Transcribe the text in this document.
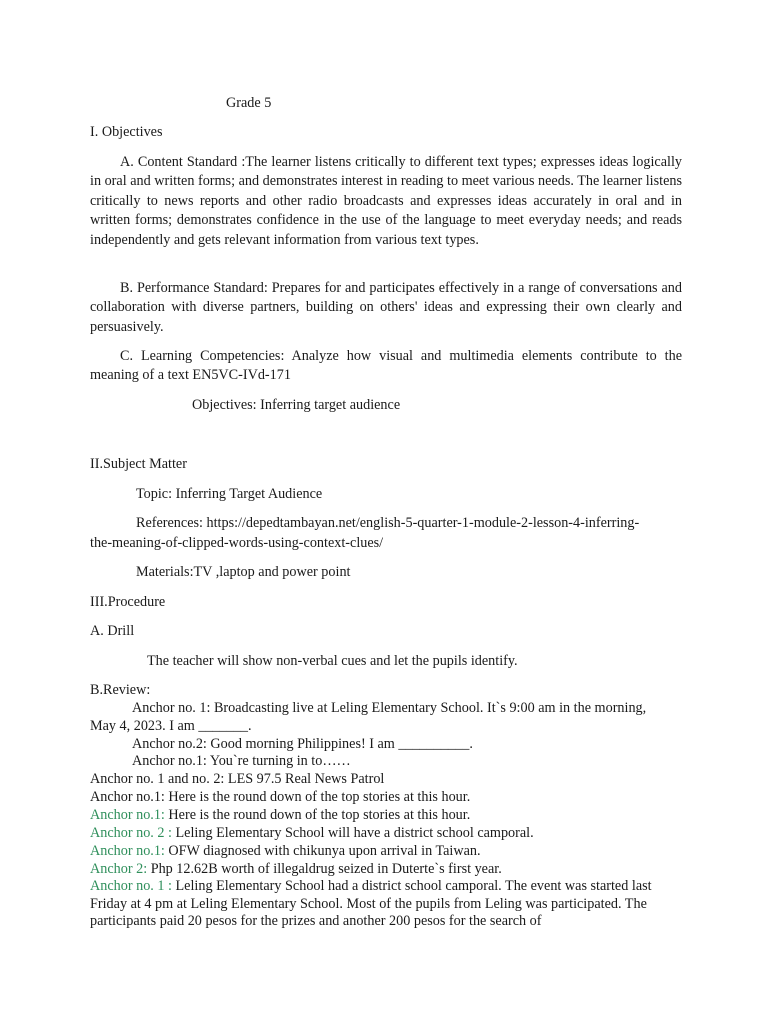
Grade 5
I. Objectives
A. Content Standard :The learner listens critically to different text types; expresses ideas logically in oral and written forms; and demonstrates interest in reading to meet various needs. The learner listens critically to news reports and other radio broadcasts and expresses ideas accurately in oral and in written forms; demonstrates confidence in the use of the language to meet everyday needs; and reads independently and gets relevant information from various text types.
B. Performance Standard: Prepares for and participates effectively in a range of conversations and collaboration with diverse partners, building on others' ideas and expressing their own clearly and persuasively.
C. Learning Competencies: Analyze how visual and multimedia elements contribute to the meaning of a text EN5VC-IVd-171
Objectives: Inferring target audience
II.Subject Matter
Topic: Inferring Target Audience
References: https://depedtambayan.net/english-5-quarter-1-module-2-lesson-4-inferring-
the-meaning-of-clipped-words-using-context-clues/
Materials:TV ,laptop and power point
III.Procedure
A. Drill
The teacher will show non-verbal cues and let the pupils identify.
B.Review:
Anchor no. 1: Broadcasting live at Leling Elementary School. It`s 9:00 am in the morning,
May 4, 2023. I am _______.
Anchor no.2: Good morning Philippines! I am __________.
Anchor no.1: You`re turning in to……
Anchor no. 1 and no. 2: LES 97.5 Real News Patrol
Anchor no.1: Here is the round down of the top stories at this hour.
Anchor no.1: Here is the round down of the top stories at this hour.
Anchor no. 2 : Leling Elementary School will have a district school camporal.
Anchor no.1: OFW diagnosed with chikunya upon arrival in Taiwan.
Anchor 2: Php 12.62B worth of illegaldrug seized in Duterte`s first year.
Anchor no. 1 : Leling Elementary School had a district school camporal. The event was started last Friday at 4 pm at Leling Elementary School. Most of the pupils from Leling was participated. The participants paid 20 pesos for the prizes and another 200 pesos for the search of
